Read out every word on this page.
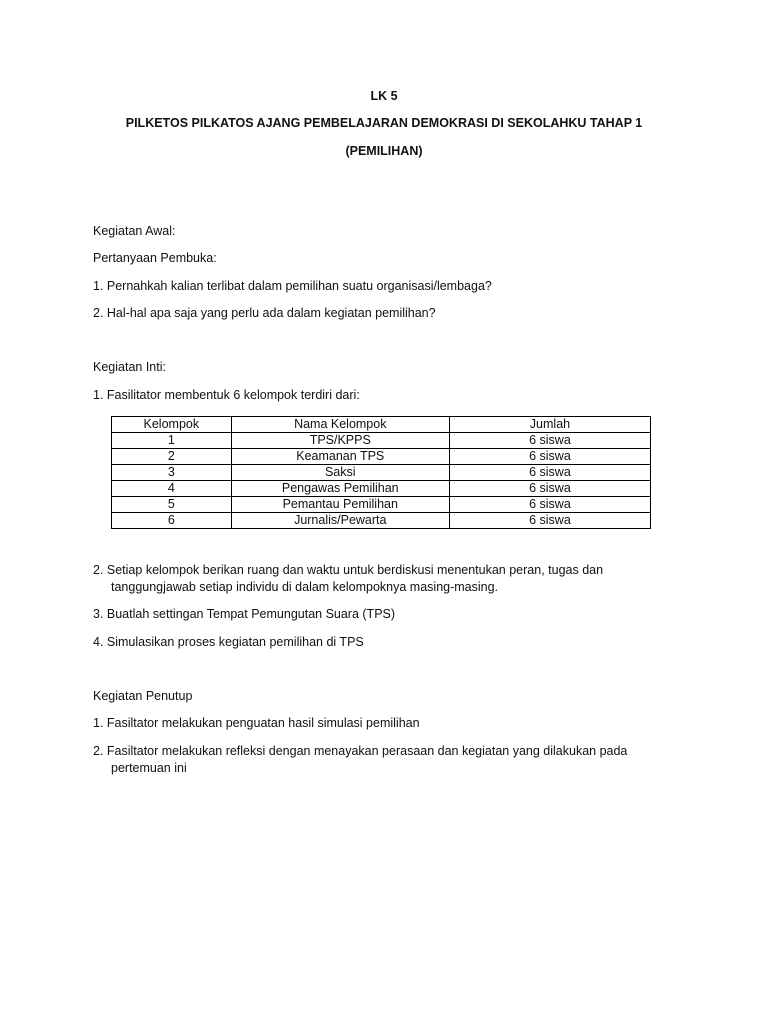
LK 5
PILKETOS PILKATOS AJANG PEMBELAJARAN DEMOKRASI DI SEKOLAHKU TAHAP 1
(PEMILIHAN)

Kegiatan Awal:

Pertanyaan Pembuka:

1. Pernahkah kalian terlibat dalam pemilihan suatu organisasi/lembaga?

2. Hal-hal apa saja yang perlu ada dalam kegiatan pemilihan?

Kegiatan Inti:

1. Fasilitator membentuk 6 kelompok terdiri dari:

Kelompok	Nama Kelompok	Jumlah
1	TPS/KPPS	6 siswa
2	Keamanan TPS	6 siswa
3	Saksi	6 siswa
4	Pengawas Pemilihan	6 siswa
5	Pemantau Pemilihan	6 siswa
6	Jurnalis/Pewarta	6 siswa

2. Setiap kelompok berikan ruang dan waktu untuk berdiskusi menentukan peran, tugas dan

tanggungjawab setiap individu di dalam kelompoknya masing-masing.

3. Buatlah settingan Tempat Pemungutan Suara (TPS)

4. Simulasikan proses kegiatan pemilihan di TPS

Kegiatan Penutup

1. Fasiltator melakukan penguatan hasil simulasi pemilihan

2. Fasiltator melakukan refleksi dengan menayakan perasaan dan kegiatan yang dilakukan pada

pertemuan ini
